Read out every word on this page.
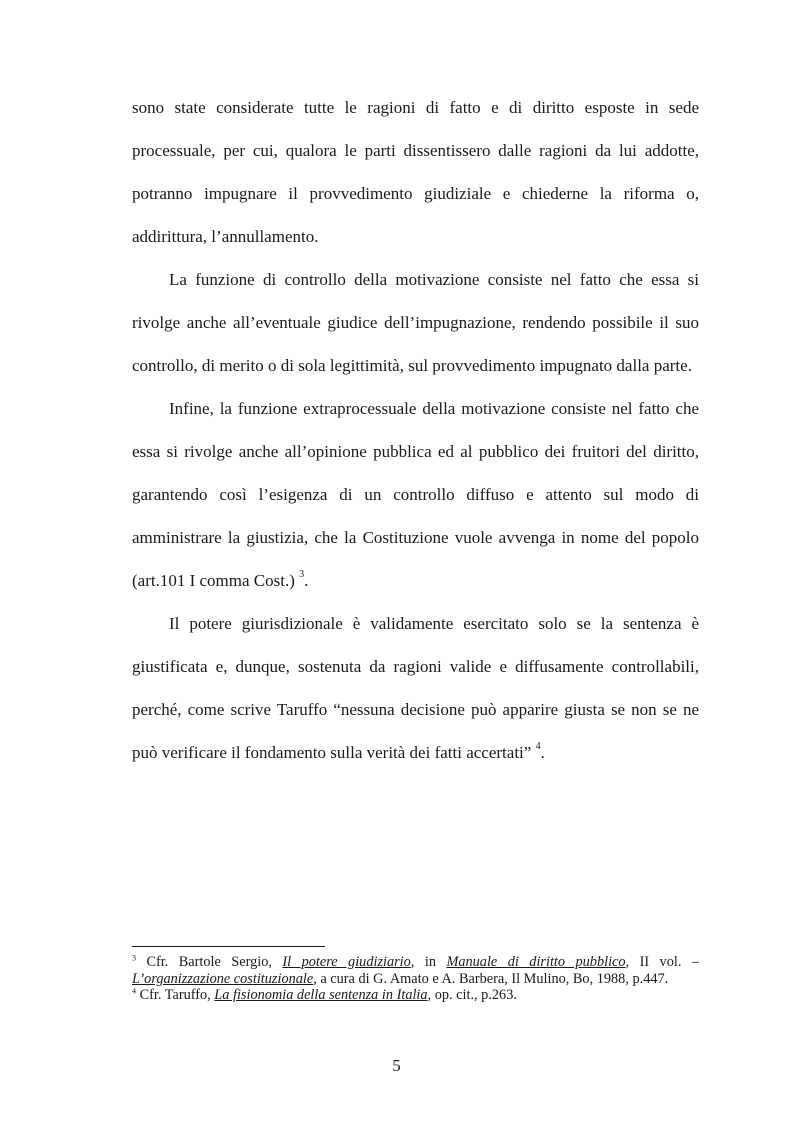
sono state considerate tutte le ragioni di fatto e di diritto esposte in sede processuale, per cui, qualora le parti dissentissero dalle ragioni da lui addotte, potranno impugnare il provvedimento giudiziale e chiederne la riforma o, addirittura, l’annullamento.

La funzione di controllo della motivazione consiste nel fatto che essa si rivolge anche all’eventuale giudice dell’impugnazione, rendendo possibile il suo controllo, di merito o di sola legittimità, sul provvedimento impugnato dalla parte.

Infine, la funzione extraprocessuale della motivazione consiste nel fatto che essa si rivolge anche all’opinione pubblica ed al pubblico dei fruitori del diritto, garantendo così l’esigenza di un controllo diffuso e attento sul modo di amministrare la giustizia, che la Costituzione vuole avvenga in nome del popolo (art.101 I comma Cost.) $^3$.

Il potere giurisdizionale è validamente esercitato solo se la sentenza è giustificata e, dunque, sostenuta da ragioni valide e diffusamente controllabili, perché, come scrive Taruffo “nessuna decisione può apparire giusta se non se ne può verificare il fondamento sulla verità dei fatti accertati” $^4$.

$^3$ Cfr. Bartole Sergio, Il potere giudiziario, in Manuale di diritto pubblico, II vol. – L’organizzazione costituzionale, a cura di G. Amato e A. Barbera, Il Mulino, Bo, 1988, p.447.

$^4$ Cfr. Taruffo, La fisionomia della sentenza in Italia, op. cit., p.263.

5
